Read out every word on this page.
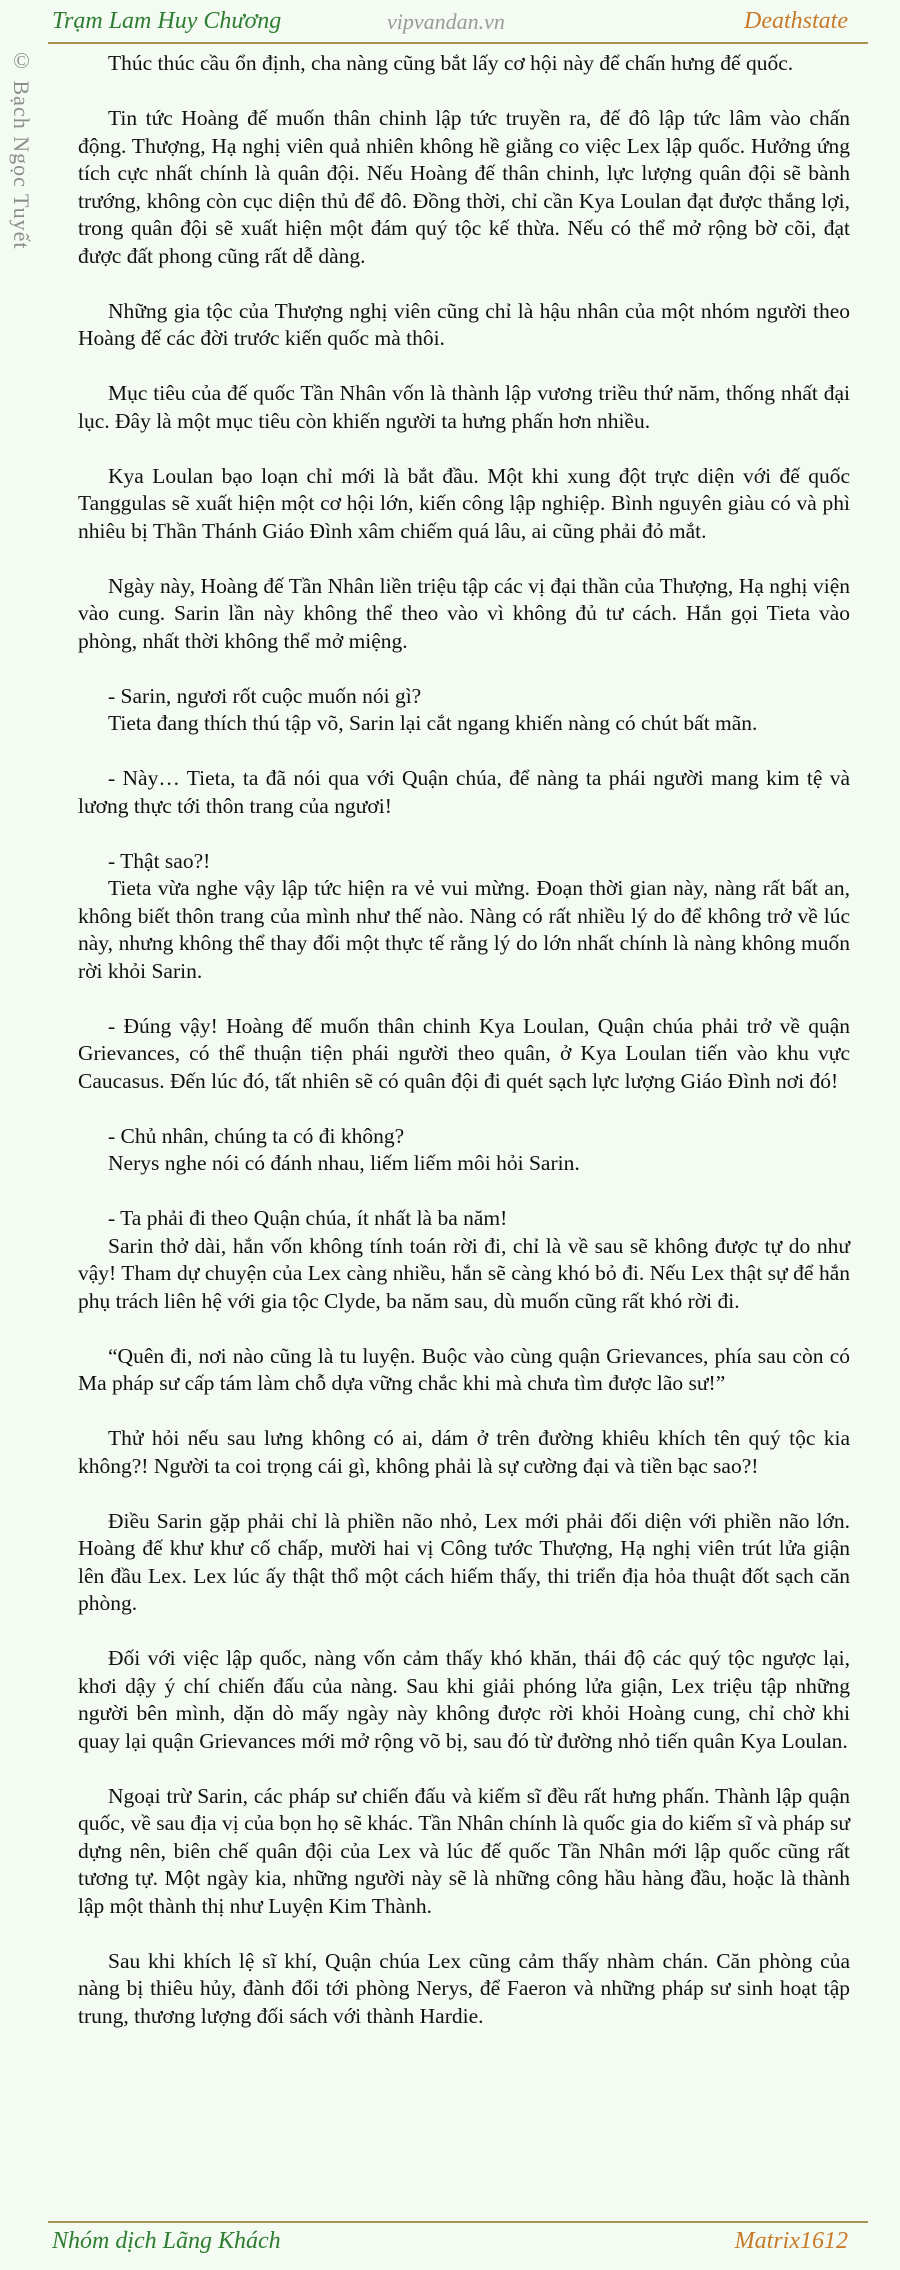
Trạm Lam Huy Chương	vipvandan.vn	Deathstate
© Bạch Ngọc Tuyết	Thúc thúc cầu ổn định, cha nàng cũng bắt lấy cơ hội này để chấn hưng đế quốc.

Tin tức Hoàng đế muốn thân chinh lập tức truyền ra, đế đô lập tức lâm vào chấn động. Thượng, Hạ nghị viên quả nhiên không hề giằng co việc Lex lập quốc. Hưởng ứng tích cực nhất chính là quân đội. Nếu Hoàng đế thân chinh, lực lượng quân đội sẽ bành trướng, không còn cục diện thủ để đô. Đồng thời, chỉ cần Kya Loulan đạt được thắng lợi, trong quân đội sẽ xuất hiện một đám quý tộc kế thừa. Nếu có thể mở rộng bờ cõi, đạt được đất phong cũng rất dễ dàng.

Những gia tộc của Thượng nghị viên cũng chỉ là hậu nhân của một nhóm người theo Hoàng đế các đời trước kiến quốc mà thôi.

Mục tiêu của đế quốc Tần Nhân vốn là thành lập vương triều thứ năm, thống nhất đại lục. Đây là một mục tiêu còn khiến người ta hưng phấn hơn nhiều.

Kya Loulan bạo loạn chỉ mới là bắt đầu. Một khi xung đột trực diện với đế quốc Tanggulas sẽ xuất hiện một cơ hội lớn, kiến công lập nghiệp. Bình nguyên giàu có và phì nhiêu bị Thần Thánh Giáo Đình xâm chiếm quá lâu, ai cũng phải đỏ mắt.

Ngày này, Hoàng đế Tần Nhân liền triệu tập các vị đại thần của Thượng, Hạ nghị viện vào cung. Sarin lần này không thể theo vào vì không đủ tư cách. Hắn gọi Tieta vào phòng, nhất thời không thể mở miệng.

- Sarin, ngươi rốt cuộc muốn nói gì?

Tieta đang thích thú tập võ, Sarin lại cắt ngang khiến nàng có chút bất mãn.

- Này… Tieta, ta đã nói qua với Quận chúa, để nàng ta phái người mang kim tệ và lương thực tới thôn trang của ngươi!

- Thật sao?!

Tieta vừa nghe vậy lập tức hiện ra vẻ vui mừng. Đoạn thời gian này, nàng rất bất an, không biết thôn trang của mình như thế nào. Nàng có rất nhiều lý do để không trở về lúc này, nhưng không thể thay đổi một thực tế rằng lý do lớn nhất chính là nàng không muốn rời khỏi Sarin.

- Đúng vậy! Hoàng đế muốn thân chinh Kya Loulan, Quận chúa phải trở về quận Grievances, có thể thuận tiện phái người theo quân, ở Kya Loulan tiến vào khu vực Caucasus. Đến lúc đó, tất nhiên sẽ có quân đội đi quét sạch lực lượng Giáo Đình nơi đó!

- Chủ nhân, chúng ta có đi không?

Nerys nghe nói có đánh nhau, liếm liếm môi hỏi Sarin.

- Ta phải đi theo Quận chúa, ít nhất là ba năm!

Sarin thở dài, hắn vốn không tính toán rời đi, chỉ là về sau sẽ không được tự do như vậy! Tham dự chuyện của Lex càng nhiều, hắn sẽ càng khó bỏ đi. Nếu Lex thật sự để hắn phụ trách liên hệ với gia tộc Clyde, ba năm sau, dù muốn cũng rất khó rời đi.

“Quên đi, nơi nào cũng là tu luyện. Buộc vào cùng quận Grievances, phía sau còn có Ma pháp sư cấp tám làm chỗ dựa vững chắc khi mà chưa tìm được lão sư!”

Thử hỏi nếu sau lưng không có ai, dám ở trên đường khiêu khích tên quý tộc kia không?! Người ta coi trọng cái gì, không phải là sự cường đại và tiền bạc sao?!

Điều Sarin gặp phải chỉ là phiền não nhỏ, Lex mới phải đối diện với phiền não lớn. Hoàng đế khư khư cố chấp, mười hai vị Công tước Thượng, Hạ nghị viên trút lửa giận lên đầu Lex. Lex lúc ấy thật thổ một cách hiếm thấy, thi triển địa hỏa thuật đốt sạch căn phòng.

Đối với việc lập quốc, nàng vốn cảm thấy khó khăn, thái độ các quý tộc ngược lại, khơi dậy ý chí chiến đấu của nàng. Sau khi giải phóng lửa giận, Lex triệu tập những người bên mình, dặn dò mấy ngày này không được rời khỏi Hoàng cung, chỉ chờ khi quay lại quận Grievances mới mở rộng võ bị, sau đó từ đường nhỏ tiến quân Kya Loulan.

Ngoại trừ Sarin, các pháp sư chiến đấu và kiếm sĩ đều rất hưng phấn. Thành lập quận quốc, về sau địa vị của bọn họ sẽ khác. Tần Nhân chính là quốc gia do kiếm sĩ và pháp sư dựng nên, biên chế quân đội của Lex và lúc đế quốc Tần Nhân mới lập quốc cũng rất tương tự. Một ngày kia, những người này sẽ là những công hầu hàng đầu, hoặc là thành lập một thành thị như Luyện Kim Thành.

Sau khi khích lệ sĩ khí, Quận chúa Lex cũng cảm thấy nhàm chán. Căn phòng của nàng bị thiêu hủy, đành đổi tới phòng Nerys, để Faeron và những pháp sư sinh hoạt tập trung, thương lượng đối sách với thành Hardie.

Nhóm dịch Lãng Khách	Matrix1612
